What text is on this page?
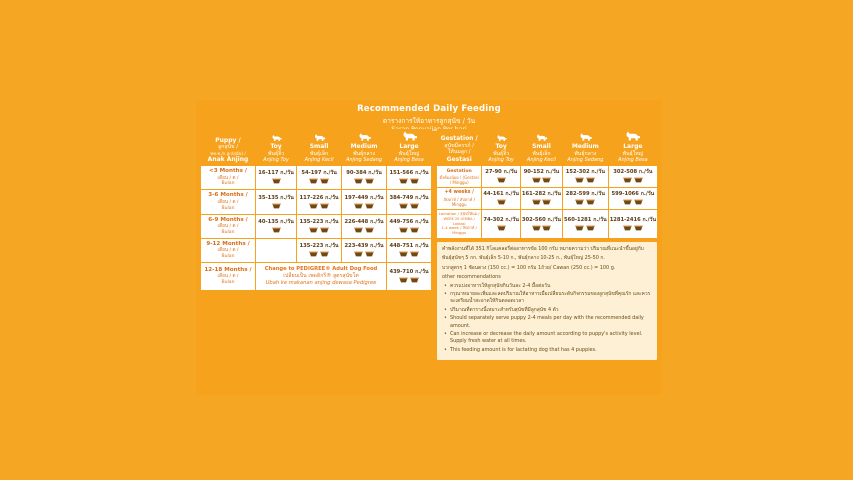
Recommended Daily Feeding
ตารางการให้อาหารลูกสุนัข / วัน
Puppy /
ลูกสุนัข /
ชช.ช./ก.ลูก/สุนัข) /
Anak Anjing

Toy
พันธุ์จิ๋ว
Anjing Toy

Small
พันธุ์เล็ก
Anjing Kecil

Medium
พันธุ์กลาง
Anjing Sedang

Large
พันธุ์ใหญ่
Anjing Besa

<3 Months /
เดือน / ด /
Bulan	16-117 ก./วัน	54-197 ก./วัน	90-384 ก./วัน	151-566 ก./วัน

3-6 Months /
เดือน / ด /
Bulan	35-135 ก./วัน	117-226 ก./วัน	197-449 ก./วัน	384-749 ก./วัน

6-9 Months /
เดือน / ด /
Bulan	40-135 ก./วัน	135-223 ก./วัน	226-448 ก./วัน	449-756 ก./วัน

9-12 Months /
เดือน / ด /
Bulan		135-223 ก./วัน	223-439 ก./วัน	448-751 ก./วัน

12-18 Months /
เดือน / ด /
Bulan

Change to PEDIGREE® Adult Dog Food
เปลี่ยนเป็น เพดดิกรี® สูตรสุนัขโต
Ubah ke makanan anjing dewasa Pedigree
	439-710 ก./วัน

Gestation /
สุนัขมีครรภ์ /
ให้นมลูก /
Gestasi

Toy
พันธุ์จิ๋ว
Anjing Toy

Small
พันธุ์เล็ก
Anjing Kecil

Medium
พันธุ์กลาง
Anjing Sedang

Large
พันธุ์ใหญ่
Anjing Besa

Gestation
ตั้งท้องน้อย / (Gestasi
/ Minggu)	27-90 ก./วัน	90-152 ก./วัน	152-302 ก./วัน	302-508 ก./วัน

+4 weeks /
สัปดาห์ / สัปดาห์ /
Minggu	44-161 ก./วัน	161-282 ก./วัน	282-599 ก./วัน	599-1066 ก./วัน

Lactation / สุนัขให้นม /
WEEK 20 LEMBA / Laktasi
1-4 week / สัปดาห์ /
Minggu	74-302 ก./วัน	302-560 ก./วัน	560-1281 ก./วัน	1281-2416 ก./วัน

คำพลังงานที่ได้ 351 กิโลแคลอรี่ต่ออาหารข้อ 100 กรัม หมายความว่า ปริมาณที่แนะนำขึ้นอยู่กับ
พันธุ์สุนัขๆ 5 กก. พันธุ์เล็ก 5-10 ก., พันธุ์กลาง 10-25 ก., พันธุ์ใหญ่ 25-50 ก.
บวกสูตรๆ 1 ช้อนตวง (150 cc.) = 100 กรัม 1ถ้วย/ Cawan (250 cc.) = 100 g.
other recommendations
• ควรแบ่งอาหารให้ลูกสุนัขกินวันละ 2-4 มื้อต่อวัน
• กรุณาหมายละเพิ่มและลดปริมาณให้อาหารเมื่อเปลี่ยนระดับกิจกรรมของลูกสุนัขที่คุณรัก และควรจะเตรียมน้ำสะอาดให้กินตลอดเวลา
• ปริมาณที่ตารางนี้เหมาะสำหรับสุนัขที่มีลูกสุนัข 4 ตัว
• Should separately serve puppy 2-4 meals per day with the recommended daily amount.
• Can increase or decrease the daily amount according to puppy's activity level. Supply fresh water at all times.
• This feeding amount is for lactating dog that has 4 puppies.
